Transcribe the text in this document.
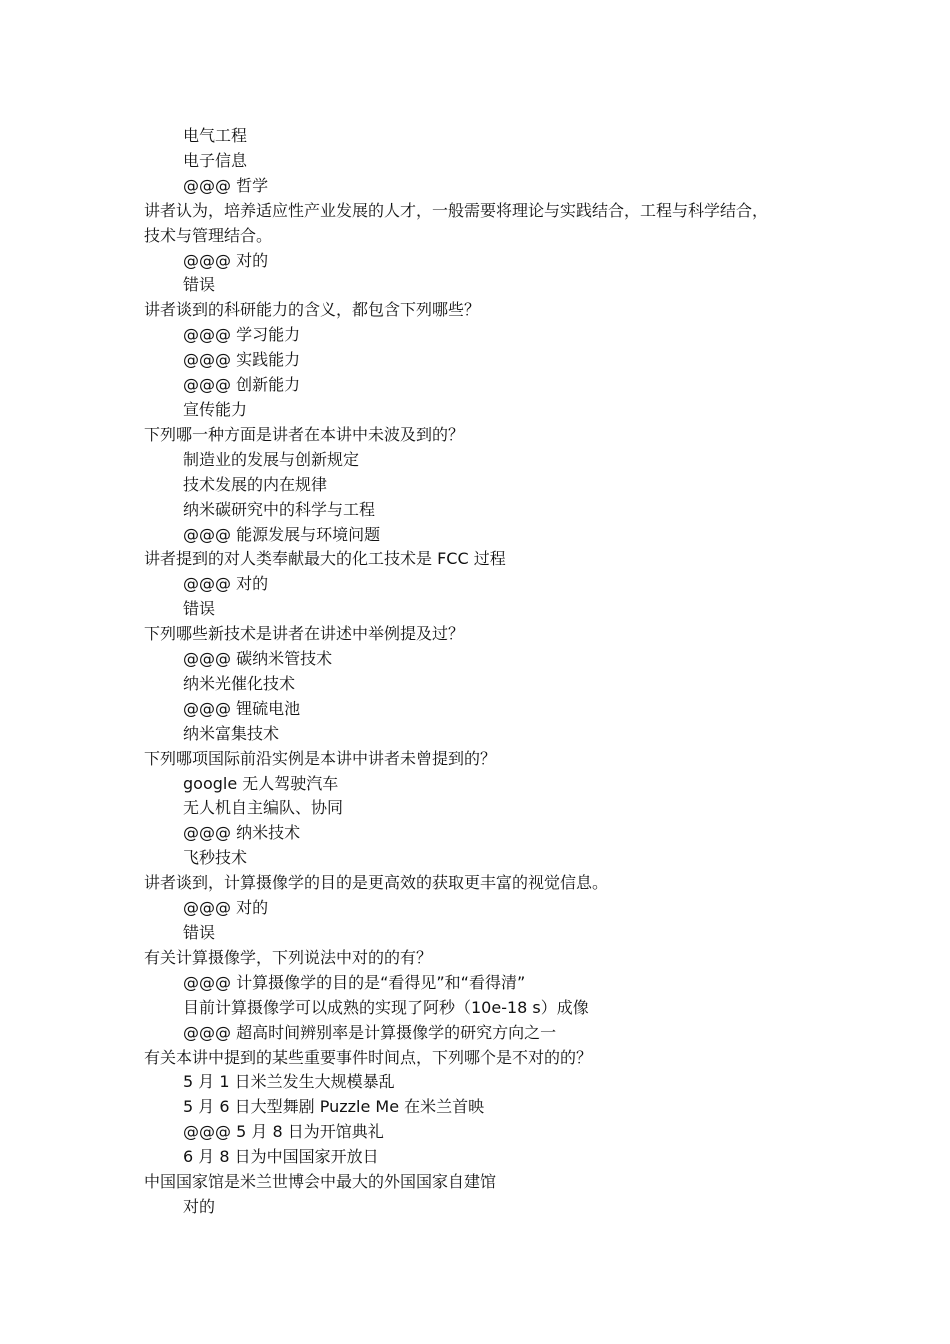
电气工程
电子信息
@@@ 哲学
讲者认为，培养适应性产业发展的人才，一般需要将理论与实践结合，工程与科学结合，
技术与管理结合。
@@@ 对的
错误
讲者谈到的科研能力的含义，都包含下列哪些？
@@@ 学习能力
@@@ 实践能力
@@@ 创新能力
宣传能力
下列哪一种方面是讲者在本讲中未波及到的？
制造业的发展与创新规定
技术发展的内在规律
纳米碳研究中的科学与工程
@@@ 能源发展与环境问题
讲者提到的对人类奉献最大的化工技术是 FCC 过程
@@@ 对的
错误
下列哪些新技术是讲者在讲述中举例提及过？
@@@ 碳纳米管技术
纳米光催化技术
@@@ 锂硫电池
纳米富集技术
下列哪项国际前沿实例是本讲中讲者未曾提到的？
google 无人驾驶汽车
无人机自主编队、协同
@@@ 纳米技术
飞秒技术
讲者谈到，计算摄像学的目的是更高效的获取更丰富的视觉信息。
@@@ 对的
错误
有关计算摄像学，下列说法中对的的有？
@@@ 计算摄像学的目的是“看得见”和“看得清”
目前计算摄像学可以成熟的实现了阿秒（10e-18 s）成像
@@@ 超高时间辨别率是计算摄像学的研究方向之一
有关本讲中提到的某些重要事件时间点，下列哪个是不对的的？
5 月 1 日米兰发生大规模暴乱
5 月 6 日大型舞剧 Puzzle Me 在米兰首映
@@@ 5 月 8 日为开馆典礼
6 月 8 日为中国国家开放日
中国国家馆是米兰世博会中最大的外国国家自建馆
对的
